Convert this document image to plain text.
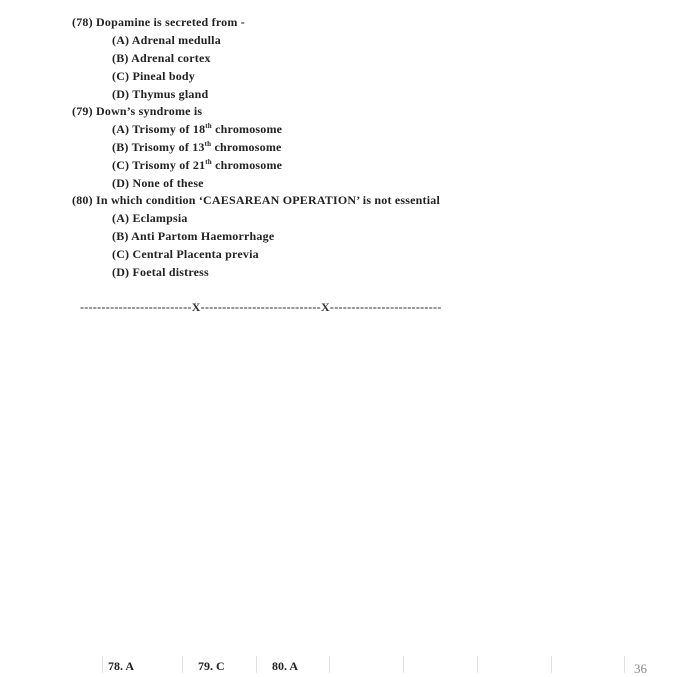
(78) Dopamine is secreted from -
(A) Adrenal medulla
(B) Adrenal cortex
(C) Pineal body
(D) Thymus gland
(79) Down’s syndrome is
(A) Trisomy of 18th chromosome
(B) Trisomy of 13th chromosome
(C) Trisomy of 21th chromosome
(D) None of these
(80) In which condition ‘CAESAREAN OPERATION’ is not essential
(A) Eclampsia
(B) Anti Partom Haemorrhage
(C) Central Placenta previa
(D) Foetal distress
--------------------------X----------------------------X--------------------------
78. A	79. C	80. A	36
